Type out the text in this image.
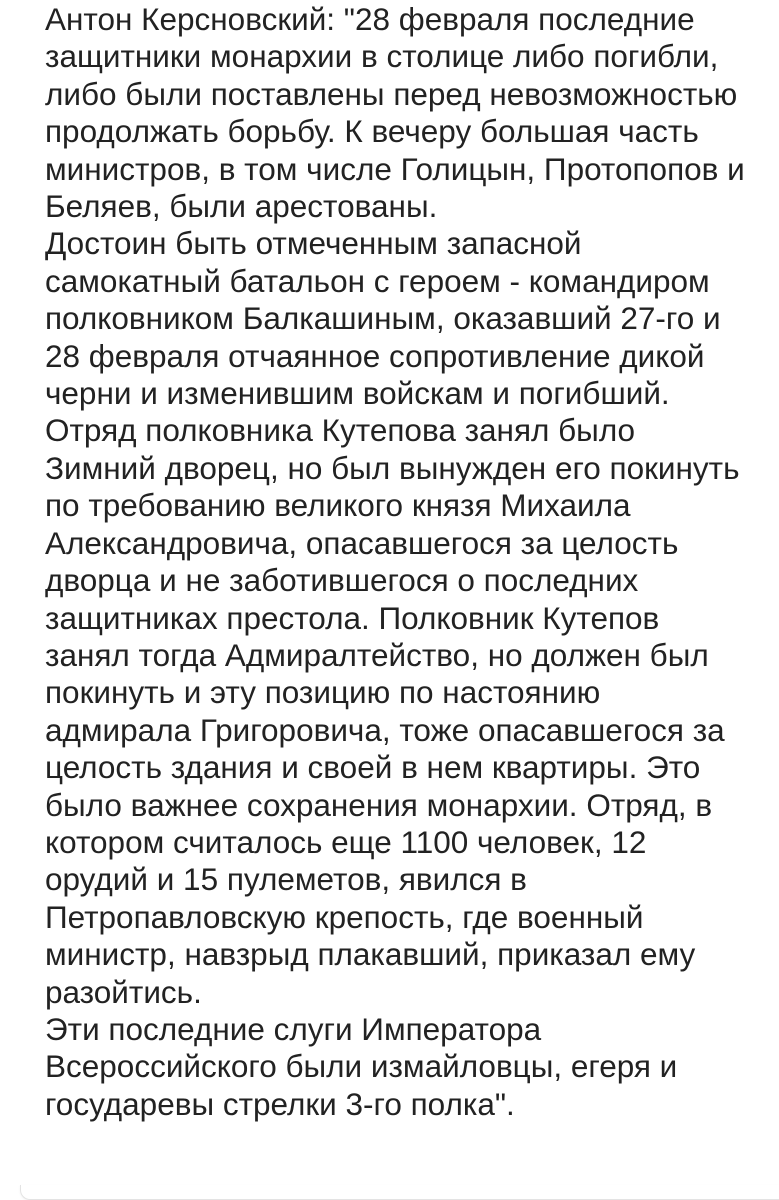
Антон Керсновский: "28 февраля последние
защитники монархии в столице либо погибли,
либо были поставлены перед невозможностью
продолжать борьбу. К вечеру большая часть
министров, в том числе Голицын, Протопопов и
Беляев, были арестованы.
Достоин быть отмеченным запасной
самокатный батальон с героем - командиром
полковником Балкашиным, оказавший 27-го и
28 февраля отчаянное сопротивление дикой
черни и изменившим войскам и погибший.
Отряд полковника Кутепова занял было
Зимний дворец, но был вынужден его покинуть
по требованию великого князя Михаила
Александровича, опасавшегося за целость
дворца и не заботившегося о последних
защитниках престола. Полковник Кутепов
занял тогда Адмиралтейство, но должен был
покинуть и эту позицию по настоянию
адмирала Григоровича, тоже опасавшегося за
целость здания и своей в нем квартиры. Это
было важнее сохранения монархии. Отряд, в
котором считалось еще 1100 человек, 12
орудий и 15 пулеметов, явился в
Петропавловскую крепость, где военный
министр, навзрыд плакавший, приказал ему
разойтись.
Эти последние слуги Императора
Всероссийского были измайловцы, егеря и
государевы стрелки 3-го полка".
